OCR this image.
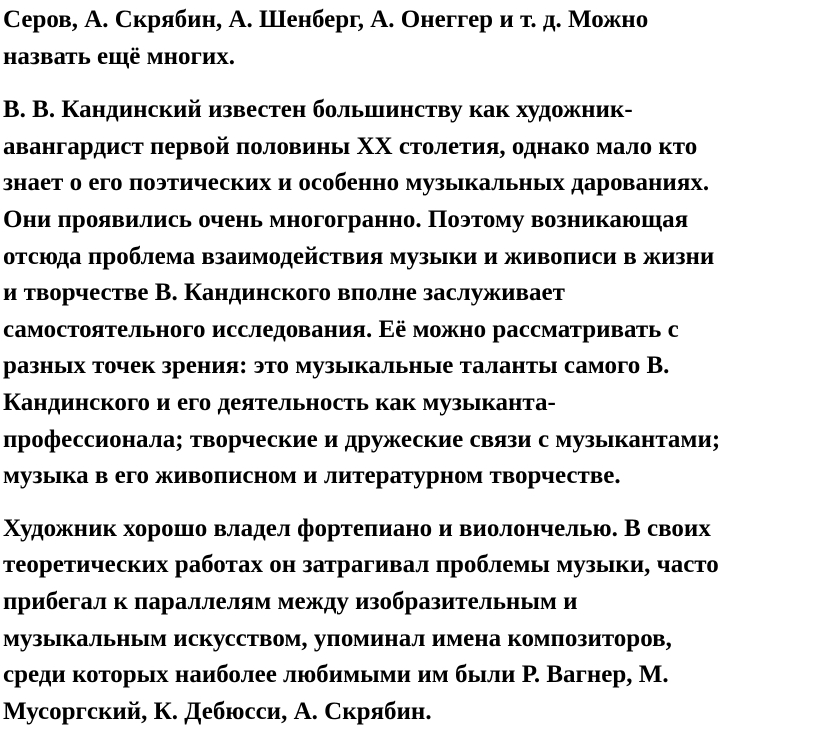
Серов, А. Скрябин, А. Шенберг, А. Онеггер и т. д. Можно
назвать ещё многих.

В. В. Кандинский известен большинству как художник-
авангардист первой половины XX столетия, однако мало кто
знает о его поэтических и особенно музыкальных дарованиях.
Они проявились очень многогранно. Поэтому возникающая
отсюда проблема взаимодействия музыки и живописи в жизни
и творчестве В. Кандинского вполне заслуживает
самостоятельного исследования. Её можно рассматривать с
разных точек зрения: это музыкальные таланты самого В.
Кандинского и его деятельность как музыканта-
профессионала; творческие и дружеские связи с музыкантами;
музыка в его живописном и литературном творчестве.

Художник хорошо владел фортепиано и виолончелью. В своих
теоретических работах он затрагивал проблемы музыки, часто
прибегал к параллелям между изобразительным и
музыкальным искусством, упоминал имена композиторов,
среди которых наиболее любимыми им были Р. Вагнер, М.
Мусоргский, К. Дебюсси, А. Скрябин.
